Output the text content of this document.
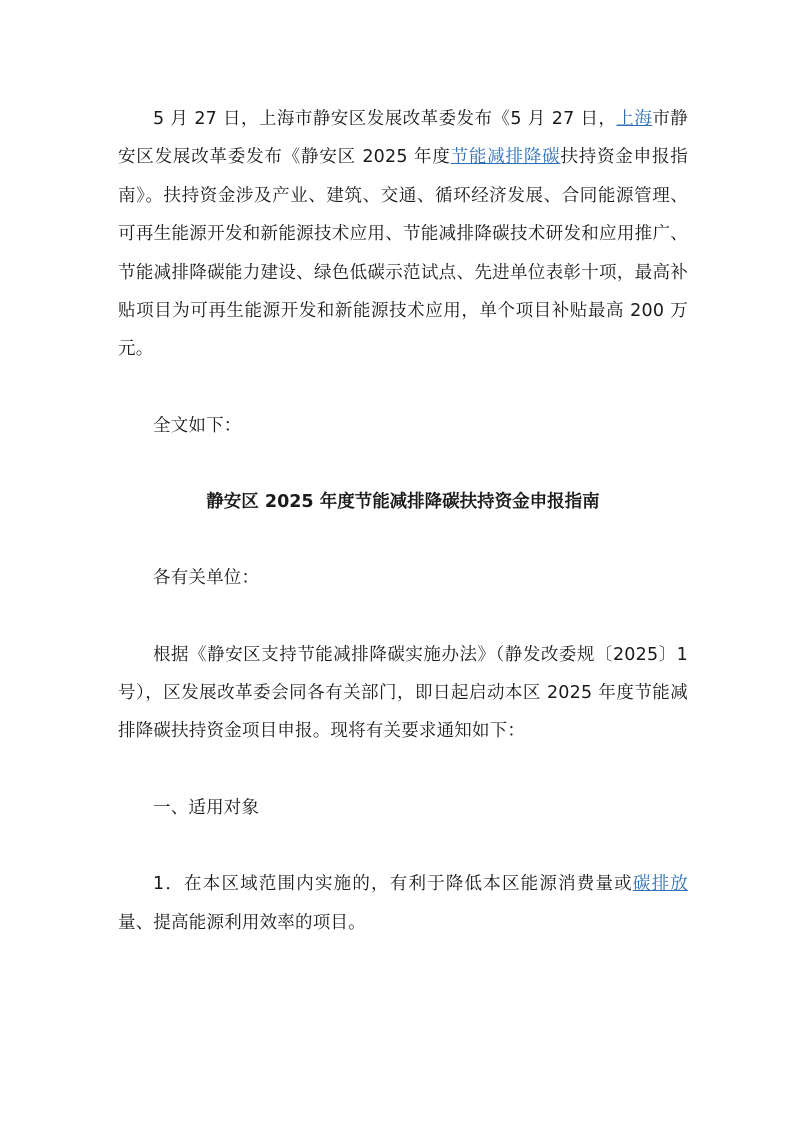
5 月 27 日，上海市静安区发展改革委发布《5 月 27 日，上海市静安区发展改革委发布《静安区 2025 年度节能减排降碳扶持资金申报指南》。扶持资金涉及产业、建筑、交通、循环经济发展、合同能源管理、可再生能源开发和新能源技术应用、节能减排降碳技术研发和应用推广、节能减排降碳能力建设、绿色低碳示范试点、先进单位表彰十项，最高补贴项目为可再生能源开发和新能源技术应用，单个项目补贴最高 200 万元。

全文如下：

静安区 2025 年度节能减排降碳扶持资金申报指南

各有关单位：

根据《静安区支持节能减排降碳实施办法》（静发改委规〔2025〕1 号），区发展改革委会同各有关部门，即日起启动本区 2025 年度节能减排降碳扶持资金项目申报。现将有关要求通知如下：

一、适用对象

1．在本区域范围内实施的，有利于降低本区能源消费量或碳排放量、提高能源利用效率的项目。
